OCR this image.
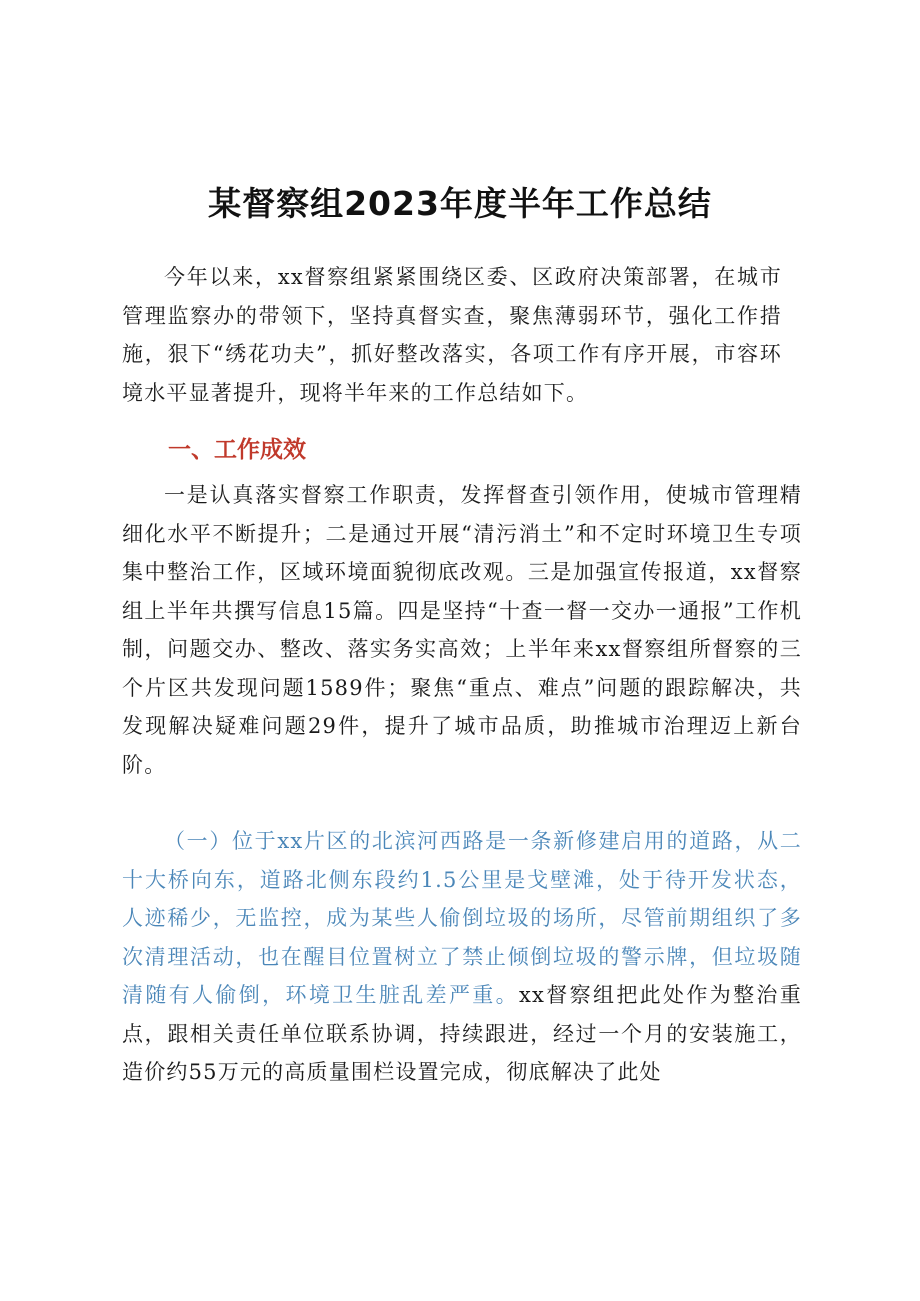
某督察组2023年度半年工作总结

今年以来，xx督察组紧紧围绕区委、区政府决策部署，在城市管理监察办的带领下，坚持真督实查，聚焦薄弱环节，强化工作措施，狠下“绣花功夫”，抓好整改落实，各项工作有序开展，市容环境水平显著提升，现将半年来的工作总结如下。

一、工作成效

一是认真落实督察工作职责，发挥督查引领作用，使城市管理精细化水平不断提升；二是通过开展“清污消土”和不定时环境卫生专项集中整治工作，区域环境面貌彻底改观。三是加强宣传报道，xx督察组上半年共撰写信息15篇。四是坚持“十查一督一交办一通报”工作机制，问题交办、整改、落实务实高效；上半年来xx督察组所督察的三个片区共发现问题1589件；聚焦“重点、难点”问题的跟踪解决，共发现解决疑难问题29件，提升了城市品质，助推城市治理迈上新台阶。

（一）位于xx片区的北滨河西路是一条新修建启用的道路，从二十大桥向东，道路北侧东段约1.5公里是戈壁滩，处于待开发状态，人迹稀少，无监控，成为某些人偷倒垃圾的场所，尽管前期组织了多次清理活动，也在醒目位置树立了禁止倾倒垃圾的警示牌，但垃圾随清随有人偷倒，环境卫生脏乱差严重。xx督察组把此处作为整治重点，跟相关责任单位联系协调，持续跟进，经过一个月的安装施工，造价约55万元的高质量围栏设置完成，彻底解决了此处
